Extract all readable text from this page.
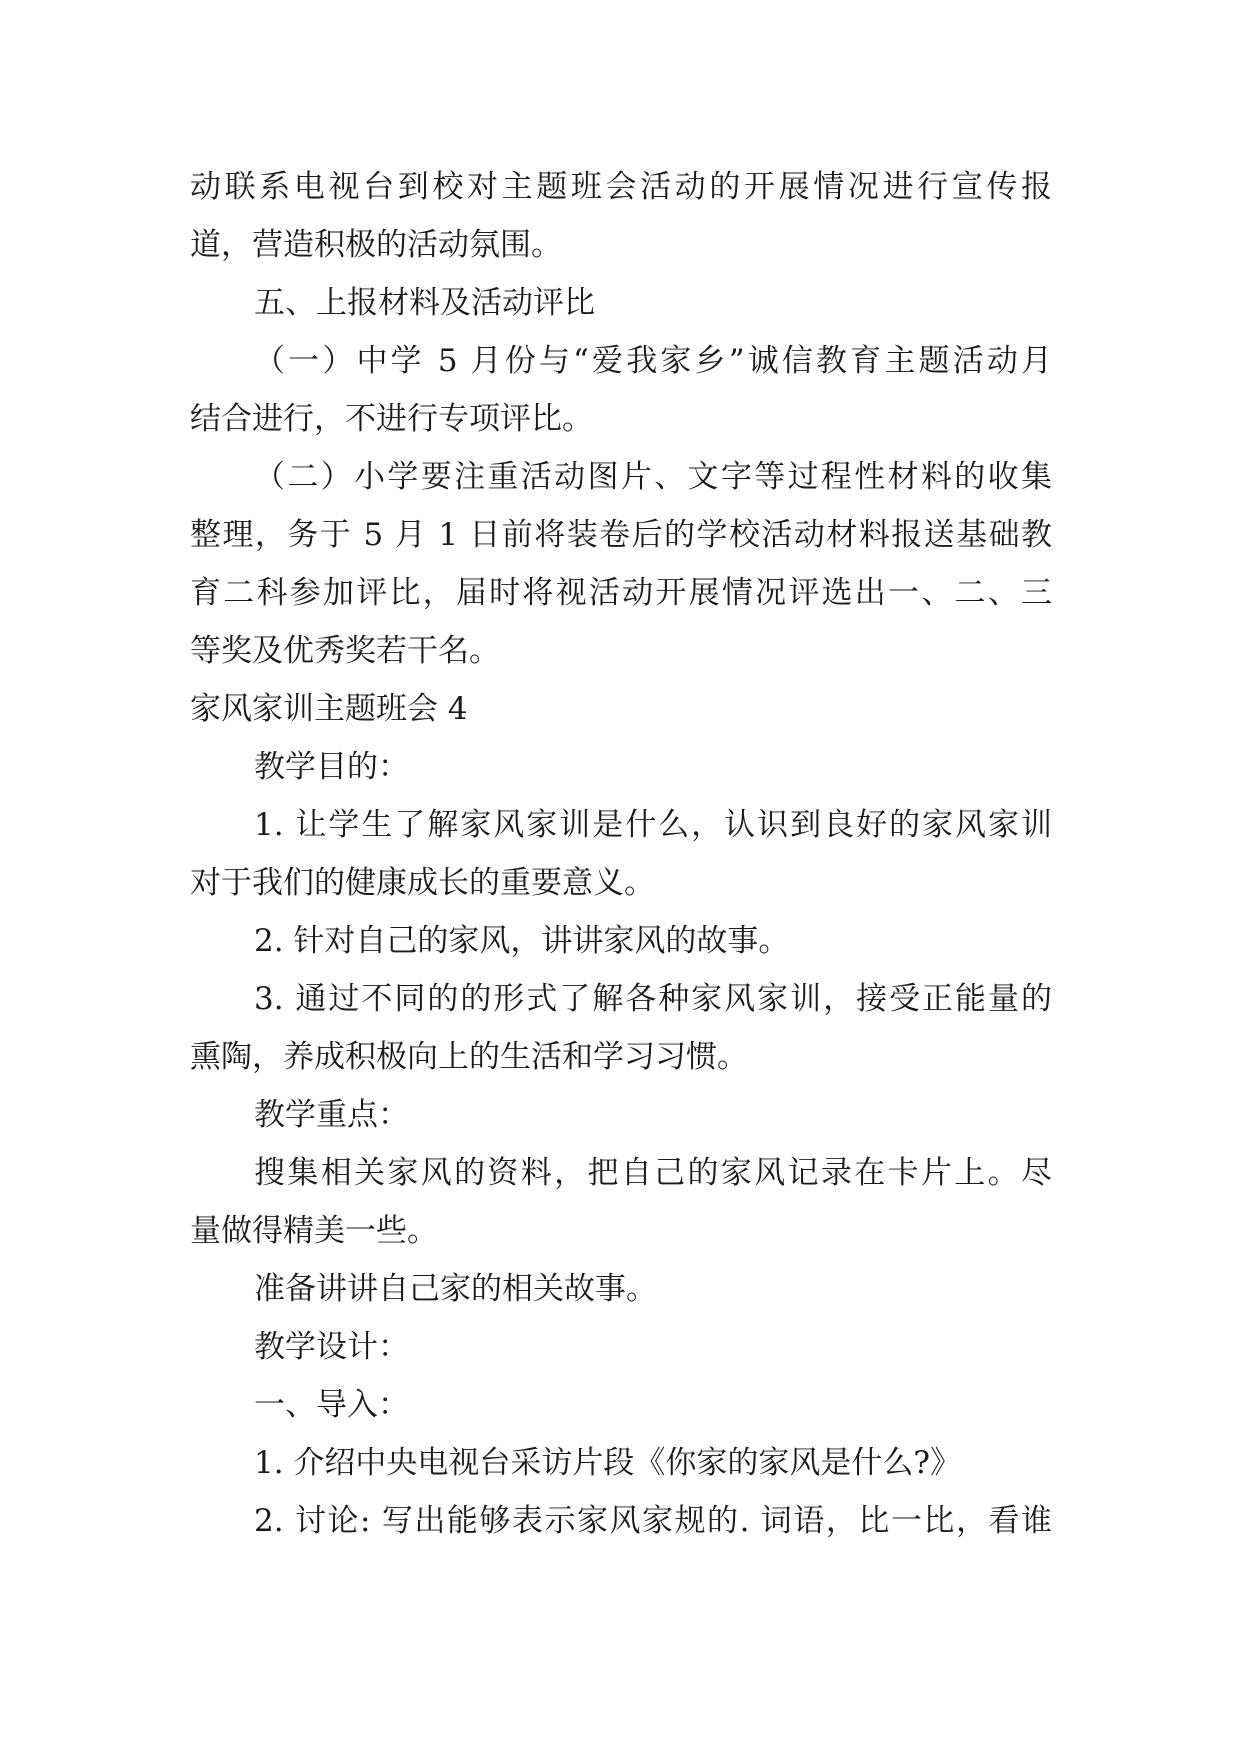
动联系电视台到校对主题班会活动的开展情况进行宣传报
道，营造积极的活动氛围。
五、上报材料及活动评比
（一）中学 5 月份与“爱我家乡”诚信教育主题活动月
结合进行，不进行专项评比。
（二）小学要注重活动图片、文字等过程性材料的收集
整理，务于 5 月 1 日前将装卷后的学校活动材料报送基础教
育二科参加评比，届时将视活动开展情况评选出一、二、三
等奖及优秀奖若干名。
家风家训主题班会 4
教学目的：
1. 让学生了解家风家训是什么，认识到良好的家风家训
对于我们的健康成长的重要意义。
2. 针对自己的家风，讲讲家风的故事。
3. 通过不同的的形式了解各种家风家训，接受正能量的
熏陶，养成积极向上的生活和学习习惯。
教学重点：
搜集相关家风的资料，把自己的家风记录在卡片上。尽
量做得精美一些。
准备讲讲自己家的相关故事。
教学设计：
一、导入：
1. 介绍中央电视台采访片段《你家的家风是什么?》
2. 讨论: 写出能够表示家风家规的. 词语，比一比，看谁
